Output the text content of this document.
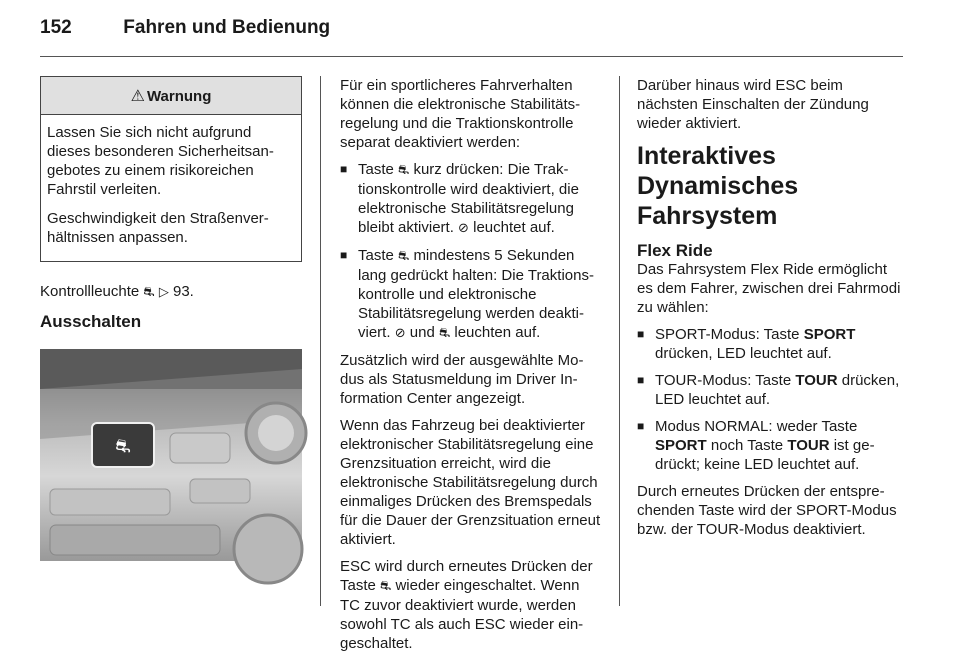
152	Fahren und Bedienung
⚠ Warnung

Lassen Sie sich nicht aufgrund dieses besonderen Sicherheitsangebotes zu einem risikoreichen Fahrstil verleiten.

Geschwindigkeit den Straßenverhältnissen anpassen.

Kontrollleuchte ⛐ ▷ 93.

Ausschalten
⛐

Für ein sportlicheres Fahrverhalten können die elektronische Stabilitätsregelung und die Traktionskontrolle separat deaktiviert werden:

■ Taste ⛐ kurz drücken: Die Traktionskontrolle wird deaktiviert, die elektronische Stabilitätsregelung bleibt aktiviert. ⊘ leuchtet auf.
■ Taste ⛐ mindestens 5 Sekunden lang gedrückt halten: Die Traktionskontrolle und elektronische Stabilitätsregelung werden deaktiviert. ⊘ und ⛐ leuchten auf.

Zusätzlich wird der ausgewählte Modus als Statusmeldung im Driver Information Center angezeigt.

Wenn das Fahrzeug bei deaktivierter elektronischer Stabilitätsregelung eine Grenzsituation erreicht, wird die elektronische Stabilitätsregelung durch einmaliges Drücken des Bremspedals für die Dauer der Grenzsituation erneut aktiviert.

ESC wird durch erneutes Drücken der Taste ⛐ wieder eingeschaltet. Wenn TC zuvor deaktiviert wurde, werden sowohl TC als auch ESC wieder eingeschaltet.

Darüber hinaus wird ESC beim nächsten Einschalten der Zündung wieder aktiviert.

Interaktives Dynamisches Fahrsystem
Flex Ride

Das Fahrsystem Flex Ride ermöglicht es dem Fahrer, zwischen drei Fahrmodi zu wählen:

■ SPORT-Modus: Taste SPORT drücken, LED leuchtet auf.
■ TOUR-Modus: Taste TOUR drücken, LED leuchtet auf.
■ Modus NORMAL: weder Taste SPORT noch Taste TOUR ist gedrückt; keine LED leuchtet auf.

Durch erneutes Drücken der entsprechenden Taste wird der SPORT-Modus bzw. der TOUR-Modus deaktiviert.
